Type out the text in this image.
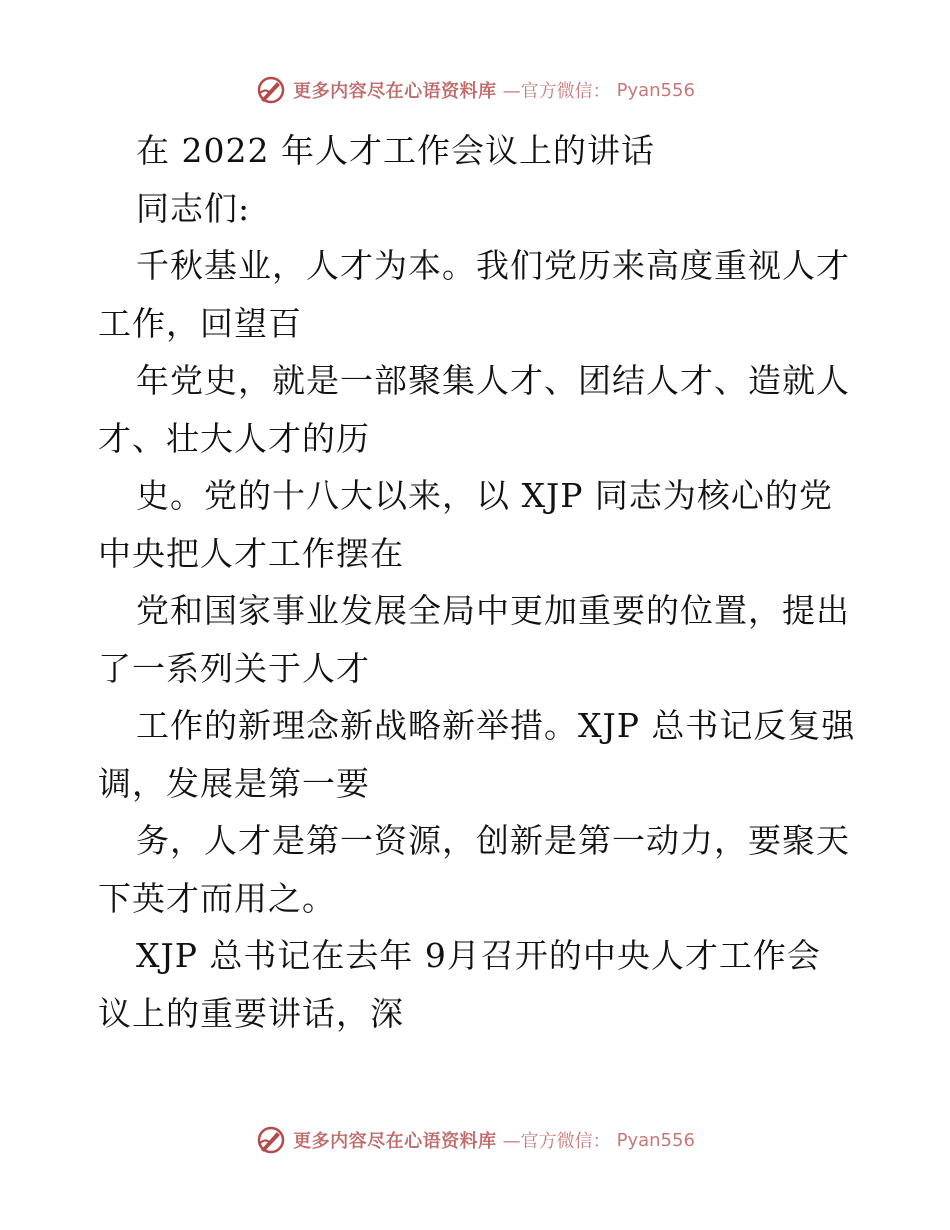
更多内容尽在心语资料库 —官方微信： Pyan556
在 2022 年人才工作会议上的讲话
同志们:
千秋基业，人才为本。我们党历来高度重视人才
工作，回望百
年党史，就是一部聚集人才、团结人才、造就人
才、壮大人才的历
史。党的十八大以来，以 XJP 同志为核心的党
中央把人才工作摆在
党和国家事业发展全局中更加重要的位置，提出
了一系列关于人才
工作的新理念新战略新举措。XJP 总书记反复强
调，发展是第一要
务，人才是第一资源，创新是第一动力，要聚天
下英才而用之。
XJP 总书记在去年 9月召开的中央人才工作会
议上的重要讲话，深
更多内容尽在心语资料库 —官方微信： Pyan556
